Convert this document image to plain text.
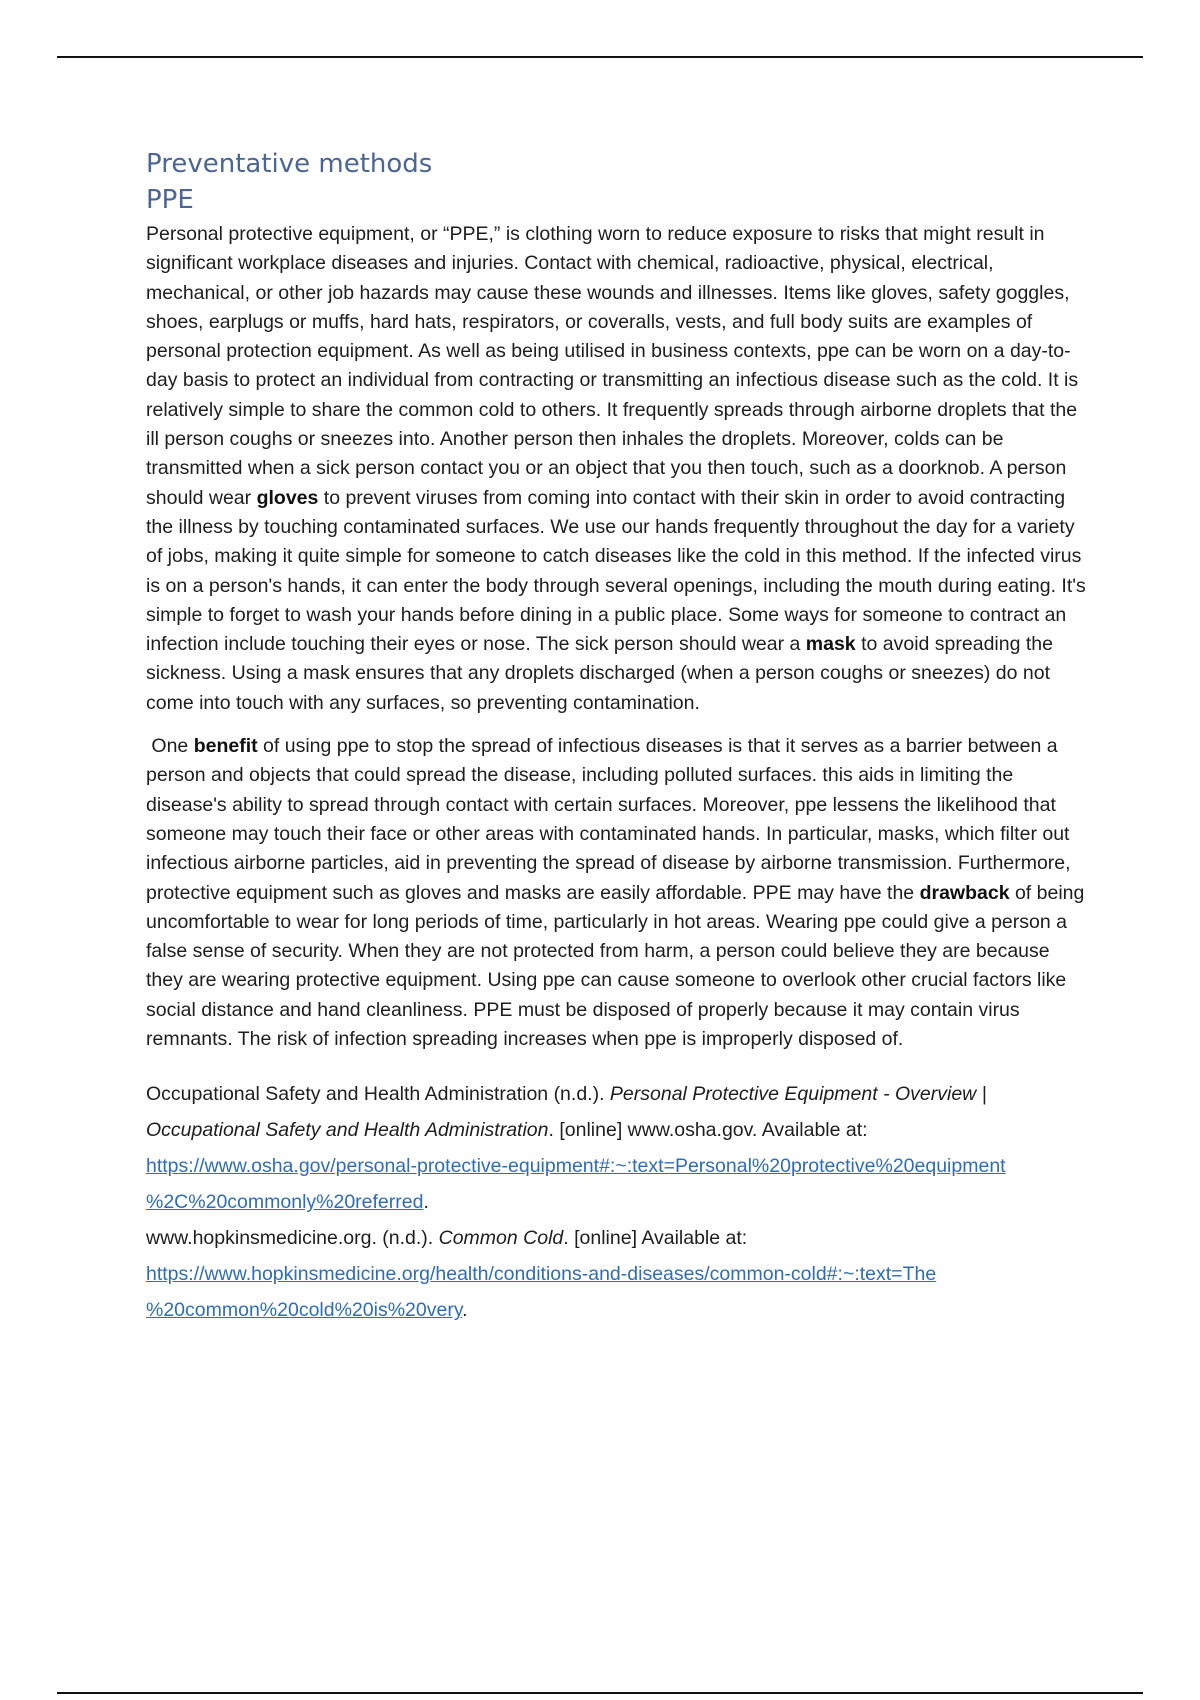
Preventative methods
PPE

Personal protective equipment, or “PPE,” is clothing worn to reduce exposure to risks that might result in significant workplace diseases and injuries. Contact with chemical, radioactive, physical, electrical, mechanical, or other job hazards may cause these wounds and illnesses. Items like gloves, safety goggles, shoes, earplugs or muffs, hard hats, respirators, or coveralls, vests, and full body suits are examples of personal protection equipment. As well as being utilised in business contexts, ppe can be worn on a day-to-day basis to protect an individual from contracting or transmitting an infectious disease such as the cold. It is relatively simple to share the common cold to others. It frequently spreads through airborne droplets that the ill person coughs or sneezes into. Another person then inhales the droplets. Moreover, colds can be transmitted when a sick person contact you or an object that you then touch, such as a doorknob. A person should wear gloves to prevent viruses from coming into contact with their skin in order to avoid contracting the illness by touching contaminated surfaces. We use our hands frequently throughout the day for a variety of jobs, making it quite simple for someone to catch diseases like the cold in this method. If the infected virus is on a person's hands, it can enter the body through several openings, including the mouth during eating. It's simple to forget to wash your hands before dining in a public place. Some ways for someone to contract an infection include touching their eyes or nose. The sick person should wear a mask to avoid spreading the sickness. Using a mask ensures that any droplets discharged (when a person coughs or sneezes) do not come into touch with any surfaces, so preventing contamination.

One benefit of using ppe to stop the spread of infectious diseases is that it serves as a barrier between a person and objects that could spread the disease, including polluted surfaces. this aids in limiting the disease's ability to spread through contact with certain surfaces. Moreover, ppe lessens the likelihood that someone may touch their face or other areas with contaminated hands. In particular, masks, which filter out infectious airborne particles, aid in preventing the spread of disease by airborne transmission. Furthermore, protective equipment such as gloves and masks are easily affordable. PPE may have the drawback of being uncomfortable to wear for long periods of time, particularly in hot areas. Wearing ppe could give a person a false sense of security. When they are not protected from harm, a person could believe they are because they are wearing protective equipment. Using ppe can cause someone to overlook other crucial factors like social distance and hand cleanliness. PPE must be disposed of properly because it may contain virus remnants. The risk of infection spreading increases when ppe is improperly disposed of.

Occupational Safety and Health Administration (n.d.). Personal Protective Equipment - Overview | Occupational Safety and Health Administration. [online] www.osha.gov. Available at:
https://www.osha.gov/personal-protective-equipment#:~:text=Personal%20protective%20equipment
%2C%20commonly%20referred.
www.hopkinsmedicine.org. (n.d.). Common Cold. [online] Available at:
https://www.hopkinsmedicine.org/health/conditions-and-diseases/common-cold#:~:text=The
%20common%20cold%20is%20very.
